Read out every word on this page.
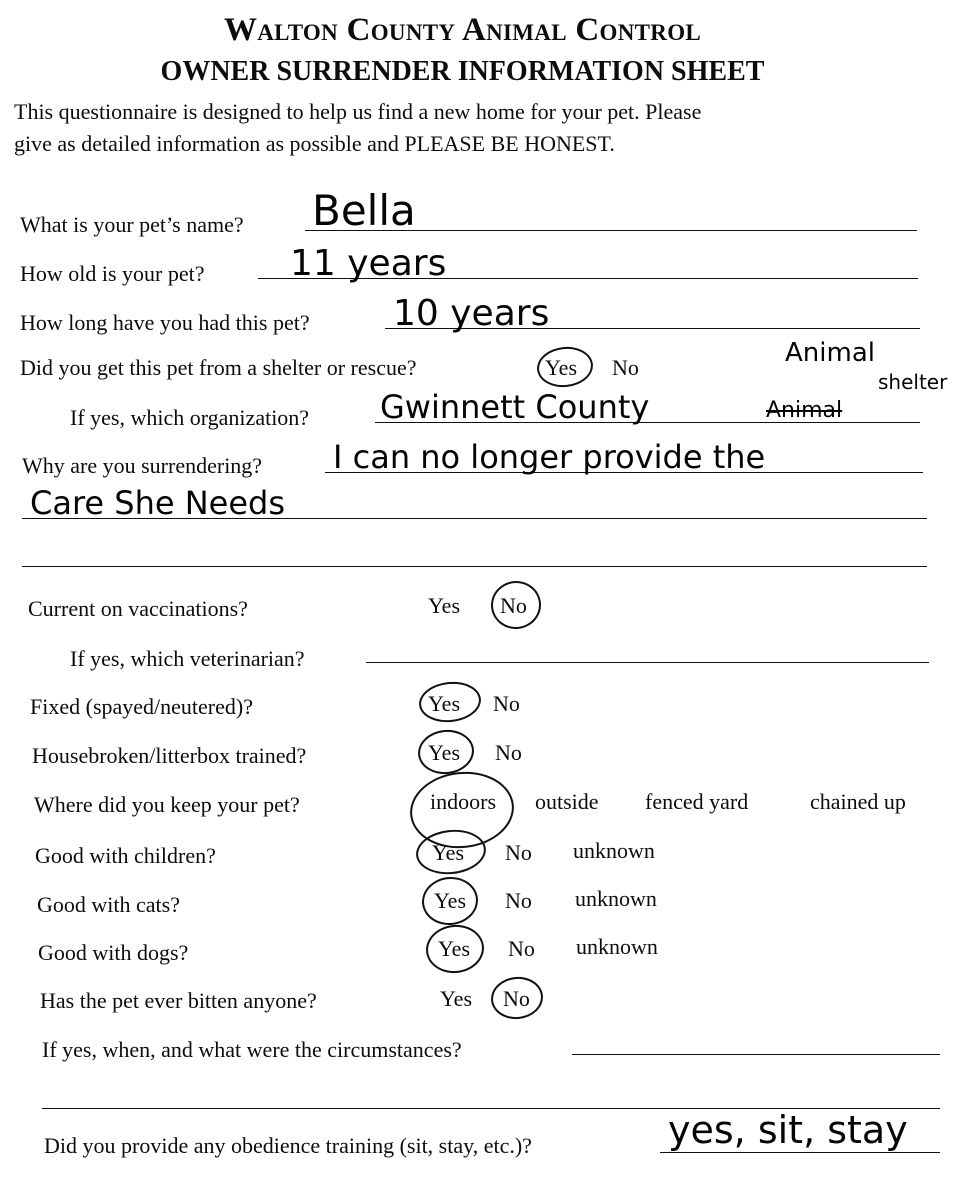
Walton County Animal Control
OWNER SURRENDER INFORMATION SHEET
This questionnaire is designed to help us find a new home for your pet. Please
give as detailed information as possible and PLEASE BE HONEST.
What is your pet’s name? Bella
How old is your pet? 11 years
How long have you had this pet? 10 years
Did you get this pet from a shelter or rescue?	Yes No	Animal
shelter
If yes, which organization? Gwinnett County	Animal
Why are you surrendering? I can no longer provide the
Care She Needs
Current on vaccinations?	Yes No
If yes, which veterinarian?
Fixed (spayed/neutered)?	Yes No
Housebroken/litterbox trained?	Yes No
Where did you keep your pet?	indoors outside fenced yard	chained up
Good with children?	Yes No unknown
Good with cats?	Yes No unknown
Good with dogs?	Yes No unknown
Has the pet ever bitten anyone?	Yes No
If yes, when, and what were the circumstances?
Did you provide any obedience training (sit, stay, etc.)?	yes, sit, stay
